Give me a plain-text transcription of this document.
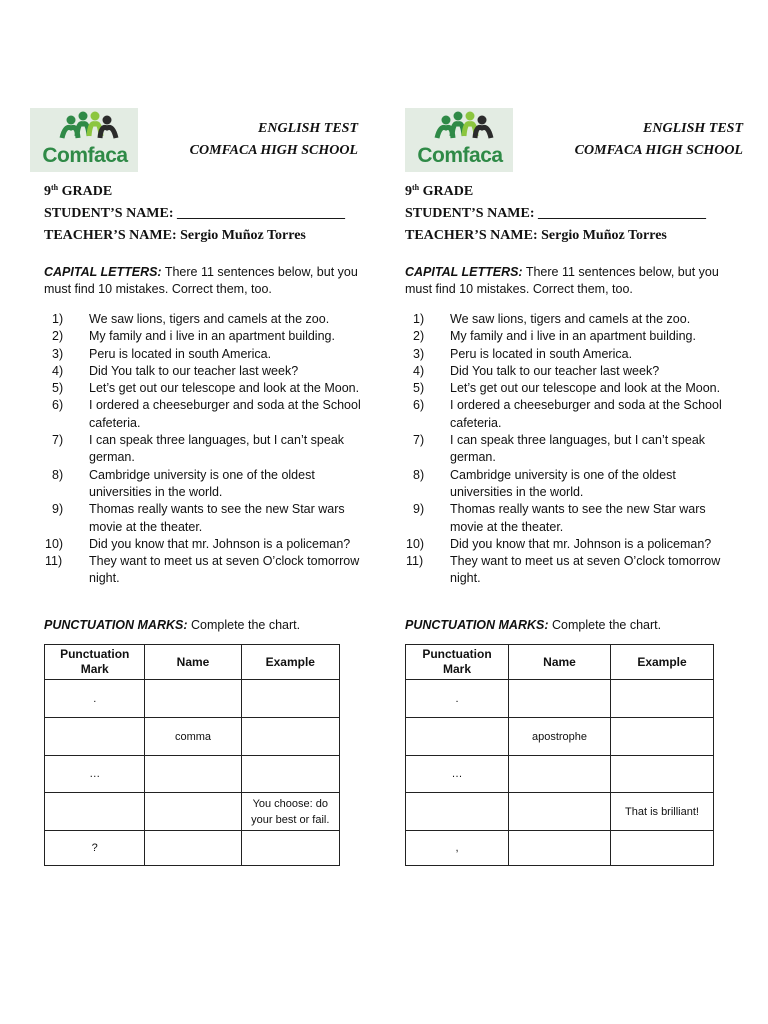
Comfaca
ENGLISH TEST
COMFACA HIGH SCHOOL
9th GRADE
STUDENT’S NAME: ________________________
TEACHER’S NAME: Sergio Muñoz Torres
CAPITAL LETTERS: There 11 sentences below, but you must find 10 mistakes. Correct them, too.
1)	We saw lions, tigers and camels at the zoo.
2)	My family and i live in an apartment building.
3)	Peru is located in south America.
4)	Did You talk to our teacher last week?
5)	Let’s get out our telescope and look at the Moon.
6)	I ordered a cheeseburger and soda at the School cafeteria.
7)	I can speak three languages, but I can’t speak german.
8)	Cambridge university is one of the oldest universities in the world.
9)	Thomas really wants to see the new Star wars movie at the theater.
10)	Did you know that mr. Johnson is a policeman?
11)	They want to meet us at seven O’clock tomorrow night.
PUNCTUATION MARKS: Complete the chart.
Punctuation Mark	Name	Example
.		
	comma	
…		
		You choose: do your best or fail.
?		
Comfaca
ENGLISH TEST
COMFACA HIGH SCHOOL
9th GRADE
STUDENT’S NAME: ________________________
TEACHER’S NAME: Sergio Muñoz Torres
CAPITAL LETTERS: There 11 sentences below, but you must find 10 mistakes. Correct them, too.
1)	We saw lions, tigers and camels at the zoo.
2)	My family and i live in an apartment building.
3)	Peru is located in south America.
4)	Did You talk to our teacher last week?
5)	Let’s get out our telescope and look at the Moon.
6)	I ordered a cheeseburger and soda at the School cafeteria.
7)	I can speak three languages, but I can’t speak german.
8)	Cambridge university is one of the oldest universities in the world.
9)	Thomas really wants to see the new Star wars movie at the theater.
10)	Did you know that mr. Johnson is a policeman?
11)	They want to meet us at seven O’clock tomorrow night.
PUNCTUATION MARKS: Complete the chart.
Punctuation Mark	Name	Example
.		
	apostrophe	
…		
		That is brilliant!
,		
